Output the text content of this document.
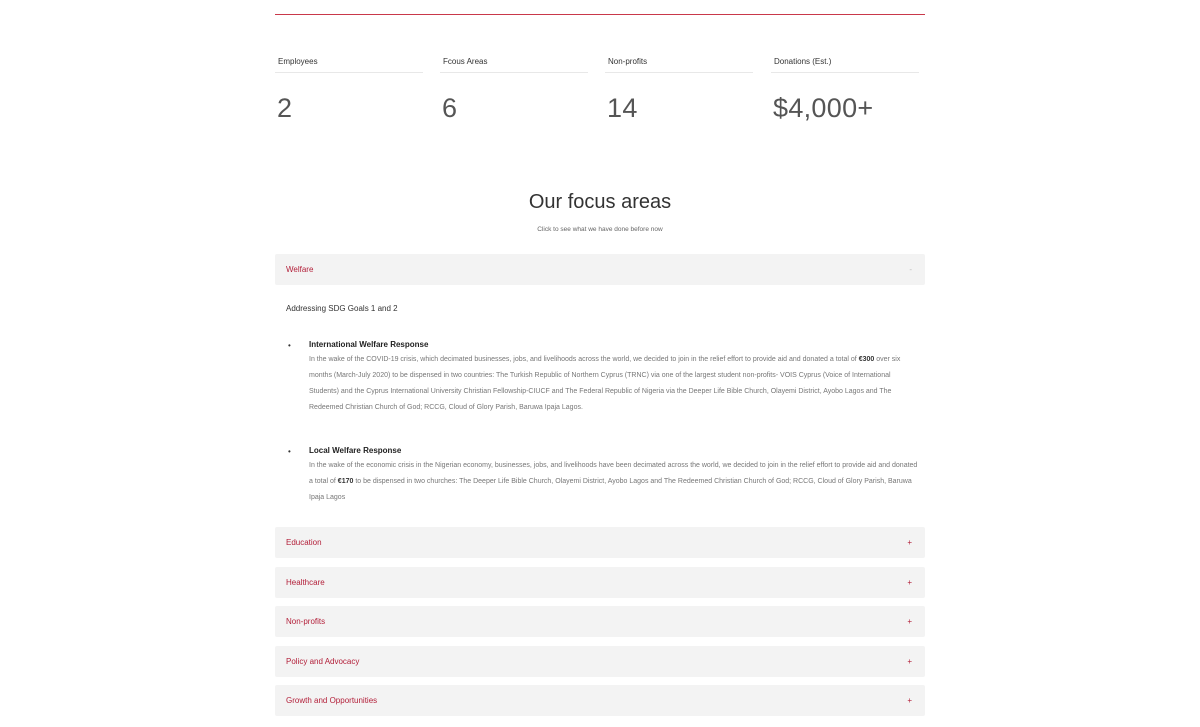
Employees
2
Fcous Areas
6
Non-profits
14
Donations (Est.)
$4,000+
Our focus areas
Click to see what we have done before now
Welfare	-
Addressing SDG Goals 1 and 2
• International Welfare Response
In the wake of the COVID-19 crisis, which decimated businesses, jobs, and livelihoods across the world, we decided to join in the relief effort to provide aid and donated a total of €300 over six months (March-July 2020) to be dispensed in two countries: The Turkish Republic of Northern Cyprus (TRNC) via one of the largest student non-profits- VOIS Cyprus (Voice of International Students) and the Cyprus International University Christian Fellowship-CIUCF and The Federal Republic of Nigeria via the Deeper Life Bible Church, Olayemi District, Ayobo Lagos and The Redeemed Christian Church of God; RCCG, Cloud of Glory Parish, Baruwa Ipaja Lagos.
• Local Welfare Response
In the wake of the economic crisis in the Nigerian economy, businesses, jobs, and livelihoods have been decimated across the world, we decided to join in the relief effort to provide aid and donated a total of €170 to be dispensed in two churches: The Deeper Life Bible Church, Olayemi District, Ayobo Lagos and The Redeemed Christian Church of God; RCCG, Cloud of Glory Parish, Baruwa Ipaja Lagos
Education	+
Healthcare	+
Non-profits	+
Policy and Advocacy	+
Growth and Opportunities	+
